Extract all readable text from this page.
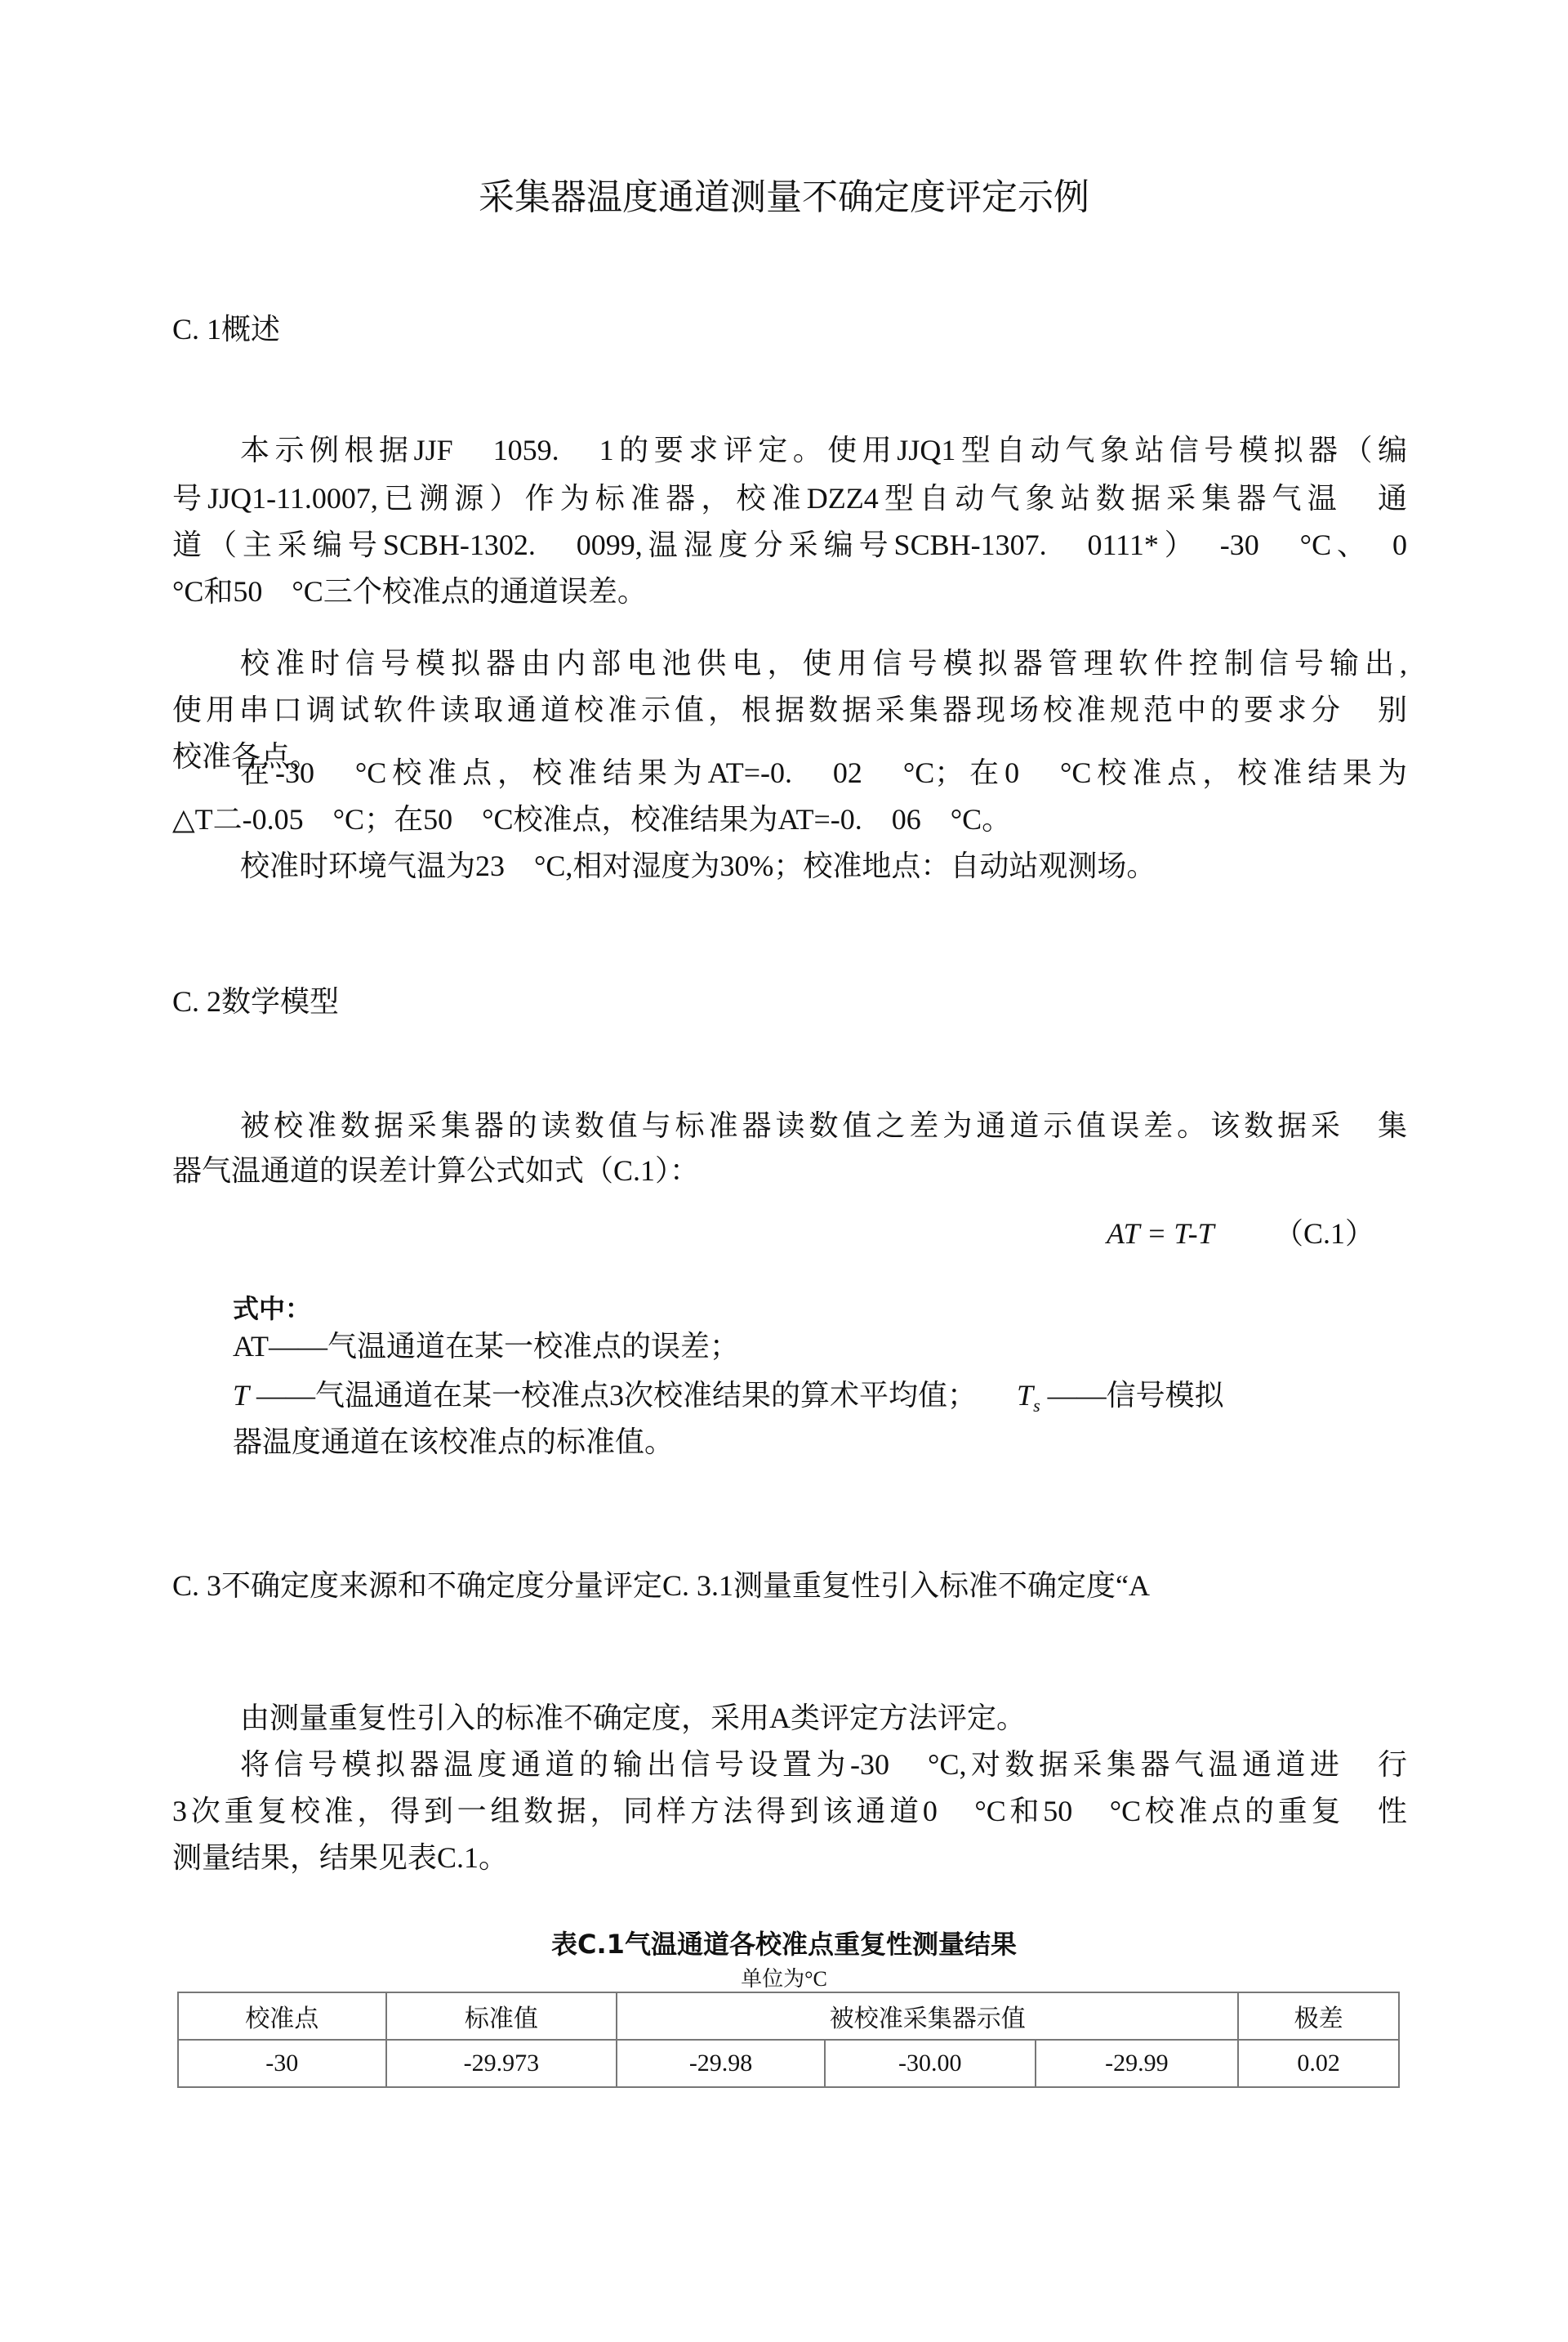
采集器温度通道测量不确定度评定示例
C. 1概述
本示例根据JJF　1059.　1的要求评定。使用JJQ1型自动气象站信号模拟器（编
号JJQ1-11.0007,已溯源）作为标准器，校准DZZ4型自动气象站数据采集器气温　通
道（主采编号SCBH-1302.　0099,温湿度分采编号SCBH-1307.　0111*）　-30　°C、　0
°C和50　°C三个校准点的通道误差。
校准时信号模拟器由内部电池供电，使用信号模拟器管理软件控制信号输出,
使用串口调试软件读取通道校准示值，根据数据采集器现场校准规范中的要求分　别
校准各点。
在-30　°C校准点，校准结果为AT=-0.　02　°C；在0　°C校准点，校准结果为
△T二-0.05　°C；在50　°C校准点，校准结果为AT=-0.　06　°C。
校准时环境气温为23　°C,相对湿度为30%；校准地点：自动站观测场。
C. 2数学模型
被校准数据采集器的读数值与标准器读数值之差为通道示值误差。该数据采　集
器气温通道的误差计算公式如式（C.1）：
AT = T-T （C.1）
式中：
AT——气温通道在某一校准点的误差；
T ——气温通道在某一校准点3次校准结果的算术平均值； $T_s$ ——信号模拟
器温度通道在该校准点的标准值。
C. 3不确定度来源和不确定度分量评定C. 3.1测量重复性引入标准不确定度“A
由测量重复性引入的标准不确定度，采用A类评定方法评定。
将信号模拟器温度通道的输出信号设置为-30　°C,对数据采集器气温通道进　行
3次重复校准，得到一组数据，同样方法得到该通道0　°C和50　°C校准点的重复　性
测量结果，结果见表C.1。
表C.1气温通道各校准点重复性测量结果
单位为°C
校准点	标准值	被校准采集器示值			极差
-30	-29.973	-29.98	-30.00	-29.99	0.02
